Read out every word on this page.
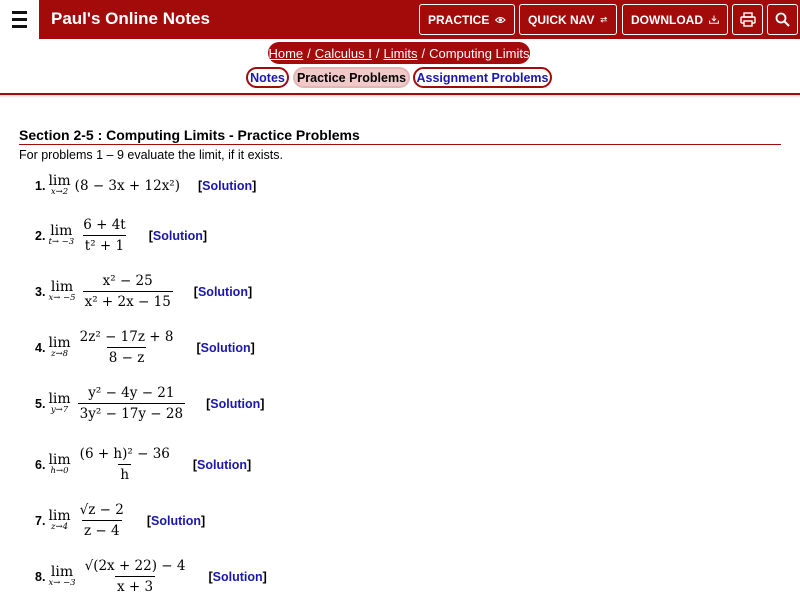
Paul's Online Notes	PRACTICE	QUICK NAV	DOWNLOAD
Home / Calculus I / Limits / Computing Limits
Notes Practice Problems Assignment Problems
Section 2-5 : Computing Limits - Practice Problems
For problems 1 – 9 evaluate the limit, if it exists.
1. lim
x→2 (8 − 3x + 12x²) [Solution]
2. lim
$t\to -3 \frac{6 + 4t}{\text{t² + 1}}$ [Solution]
3. lim
$x\to -5 \frac{\text{x² − 25}}{\text{x² + 2x − 15}}$ [Solution]
4. lim
$z\to 8 \frac{\text{2z² − 17z + 8}}{8 - z}$ [Solution]
5. lim
$y\to 7 \frac{\text{y² − 4y − 21}}{\text{3y² − 17y − 28}}$ [Solution]
6. lim
$h\to 0 \frac{\text{(6 + h)² − 36}}{h}$ [Solution]
7. lim
$z\to 4 \frac{√z - 2}{z - 4}$ [Solution]
8. lim
$x\to -3 \frac{√(2x + 22) - 4}{x + 3}$ [Solution]
